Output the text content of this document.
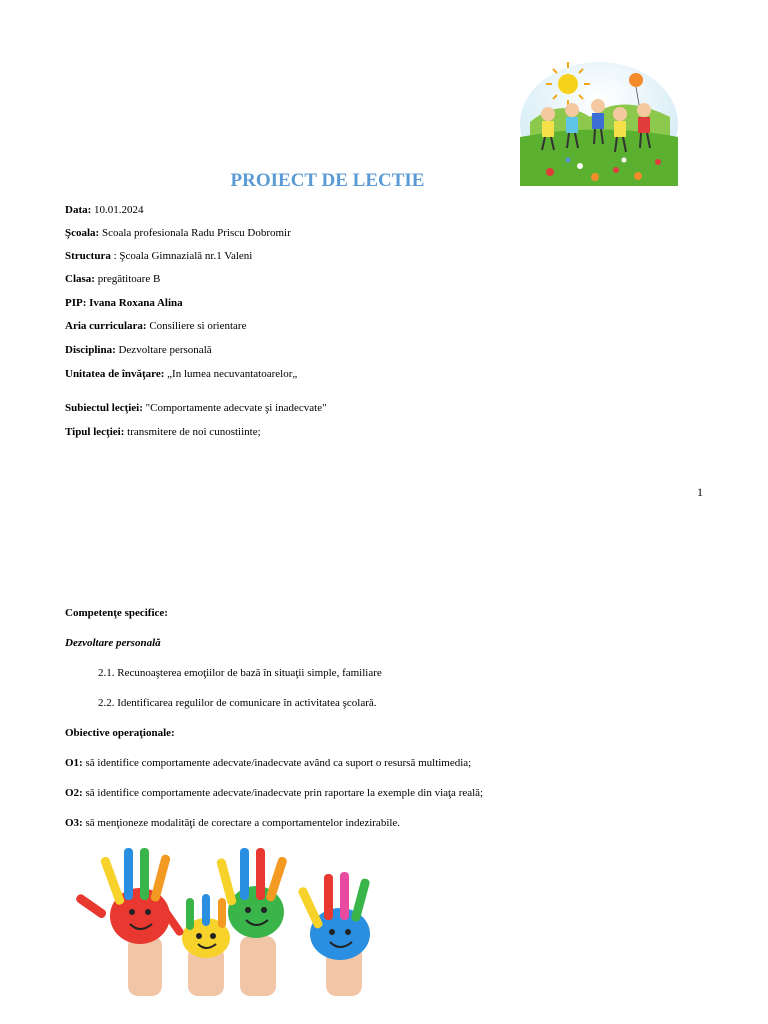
PROIECT DE LECTIE
Data: 10.01.2024
Şcoala: Scoala profesionala Radu Priscu Dobromir
Structura : Şcoala Gimnazială nr.1 Valeni
Clasa: pregătitoare B
PIP: Ivana Roxana Alina
Aria curriculara: Consiliere si orientare
Disciplina: Dezvoltare personală
Unitatea de învăţare: „In lumea necuvantatoarelor„
Subiectul lecţiei: "Comportamente adecvate şi inadecvate"
Tipul lecţiei: transmitere de noi cunostiinte;
1
Competenţe specifice:
Dezvoltare personală
2.1. Recunoaşterea emoţiilor de bază în situaţii simple, familiare
2.2. Identificarea regulilor de comunicare în activitatea şcolară.
Obiective operaţionale:
O1: să identifice comportamente adecvate/inadecvate având ca suport o resursă multimedia;
O2: să identifice comportamente adecvate/inadecvate prin raportare la exemple din viaţa reală;
O3: să menţioneze modalităţi de corectare a comportamentelor indezirabile.
